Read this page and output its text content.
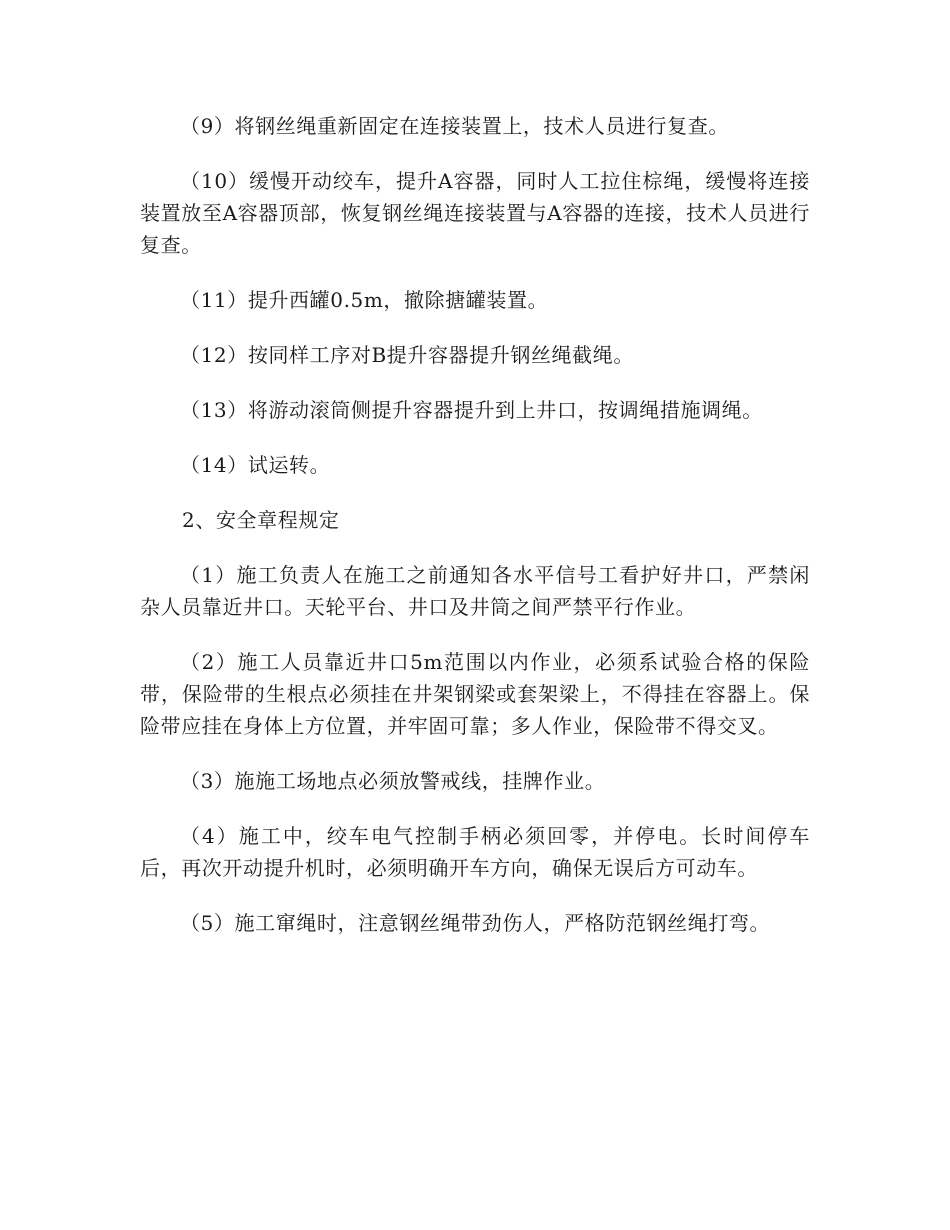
（9）将钢丝绳重新固定在连接装置上，技术人员进行复查。

（10）缓慢开动绞车，提升A容器，同时人工拉住棕绳，缓慢将连接装置放至A容器顶部，恢复钢丝绳连接装置与A容器的连接，技术人员进行复查。

（11）提升西罐0.5m，撤除搪罐装置。

（12）按同样工序对B提升容器提升钢丝绳截绳。

（13）将游动滚筒侧提升容器提升到上井口，按调绳措施调绳。

（14）试运转。

2、安全章程规定

（1）施工负责人在施工之前通知各水平信号工看护好井口，严禁闲杂人员靠近井口。天轮平台、井口及井筒之间严禁平行作业。

（2）施工人员靠近井口5m范围以内作业，必须系试验合格的保险带，保险带的生根点必须挂在井架钢梁或套架梁上，不得挂在容器上。保险带应挂在身体上方位置，并牢固可靠；多人作业，保险带不得交叉。

（3）施施工场地点必须放警戒线，挂牌作业。

（4）施工中，绞车电气控制手柄必须回零，并停电。长时间停车后，再次开动提升机时，必须明确开车方向，确保无误后方可动车。

（5）施工窜绳时，注意钢丝绳带劲伤人，严格防范钢丝绳打弯。
